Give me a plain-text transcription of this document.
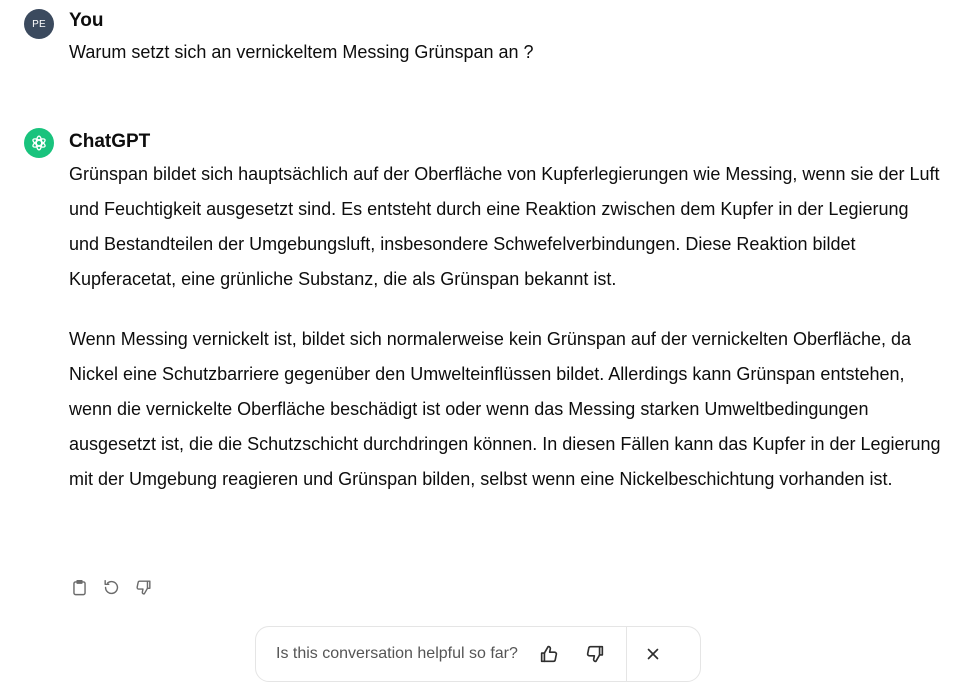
PE You
Warum setzt sich an vernickeltem Messing Grünspan an ?
ChatGPT

Grünspan bildet sich hauptsächlich auf der Oberfläche von Kupferlegierungen wie Messing, wenn sie der Luft und Feuchtigkeit ausgesetzt sind. Es entsteht durch eine Reaktion zwischen dem Kupfer in der Legierung und Bestandteilen der Umgebungsluft, insbesondere Schwefelverbindungen. Diese Reaktion bildet Kupferacetat, eine grünliche Substanz, die als Grünspan bekannt ist.

Wenn Messing vernickelt ist, bildet sich normalerweise kein Grünspan auf der vernickelten Oberfläche, da Nickel eine Schutzbarriere gegenüber den Umwelteinflüssen bildet. Allerdings kann Grünspan entstehen, wenn die vernickelte Oberfläche beschädigt ist oder wenn das Messing starken Umweltbedingungen ausgesetzt ist, die die Schutzschicht durchdringen können. In diesen Fällen kann das Kupfer in der Legierung mit der Umgebung reagieren und Grünspan bilden, selbst wenn eine Nickelbeschichtung vorhanden ist.

Is this conversation helpful so far?
